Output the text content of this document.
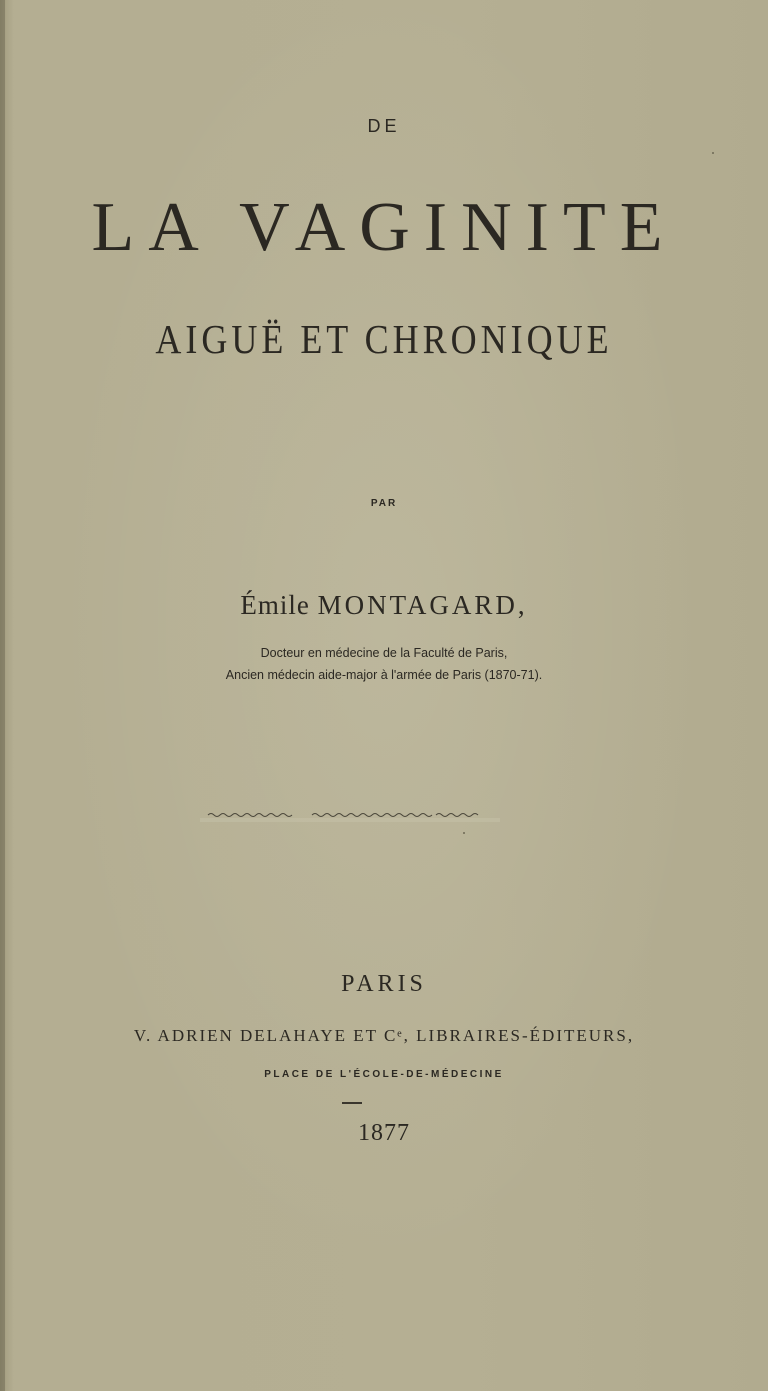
DE
LA VAGINITE
AIGUË ET CHRONIQUE
PAR
Émile MONTAGARD,
Docteur en médecine de la Faculté de Paris,
Ancien médecin aide-major à l'armée de Paris (1870-71).
PARIS
V. ADRIEN DELAHAYE ET Cᵉ, LIBRAIRES-ÉDITEURS,
PLACE DE L'ÉCOLE-DE-MÉDECINE
1877
